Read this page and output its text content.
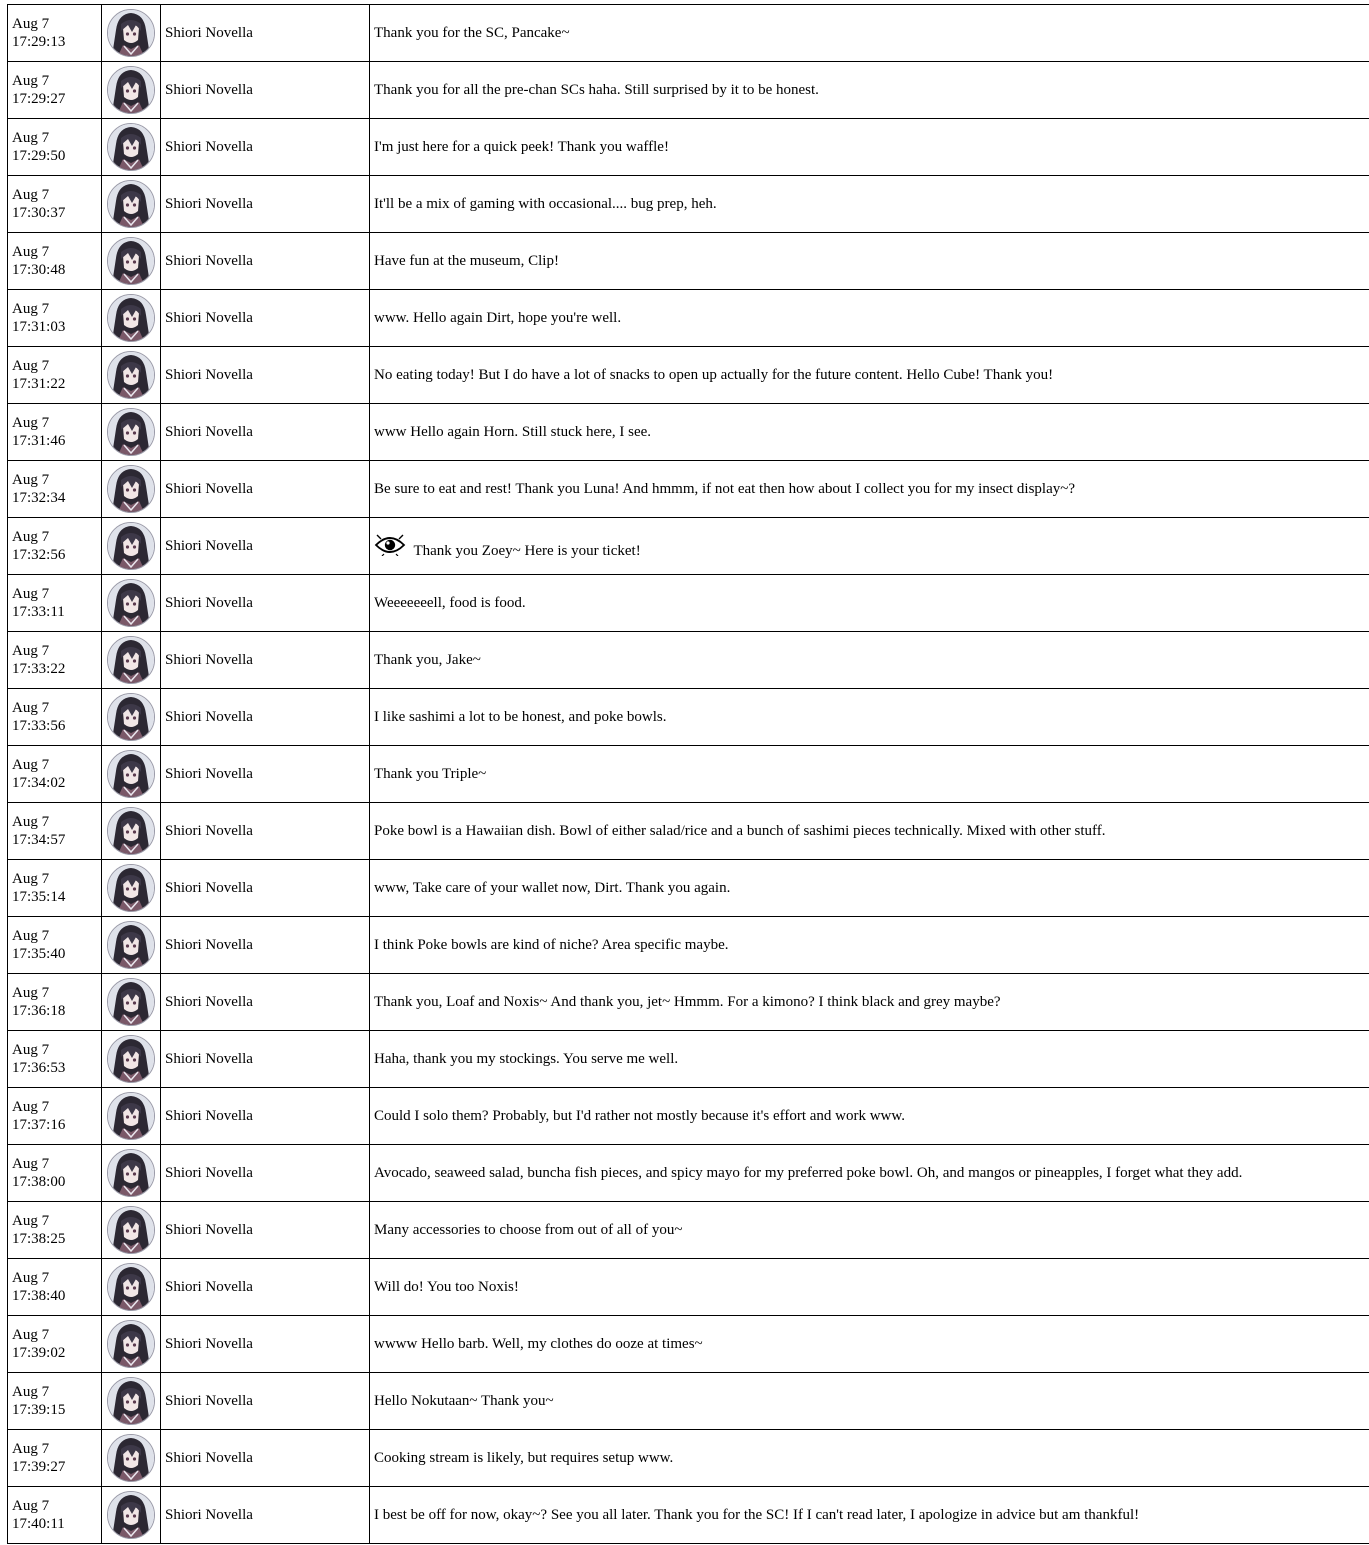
Aug 7
17:29:13		Shiori Novella	Thank you for the SC, Pancake~
Aug 7
17:29:27		Shiori Novella	Thank you for all the pre-chan SCs haha. Still surprised by it to be honest.
Aug 7
17:29:50		Shiori Novella	I'm just here for a quick peek! Thank you waffle!
Aug 7
17:30:37		Shiori Novella	It'll be a mix of gaming with occasional.... bug prep, heh.
Aug 7
17:30:48		Shiori Novella	Have fun at the museum, Clip!
Aug 7
17:31:03		Shiori Novella	www. Hello again Dirt, hope you're well.
Aug 7
17:31:22		Shiori Novella	No eating today! But I do have a lot of snacks to open up actually for the future content. Hello Cube! Thank you!
Aug 7
17:31:46		Shiori Novella	www Hello again Horn. Still stuck here, I see.
Aug 7
17:32:34		Shiori Novella	Be sure to eat and rest! Thank you Luna! And hmmm, if not eat then how about I collect you for my insect display~?
Aug 7
17:32:56		Shiori Novella	Thank you Zoey~ Here is your ticket!
Aug 7
17:33:11		Shiori Novella	Weeeeeeell, food is food.
Aug 7
17:33:22		Shiori Novella	Thank you, Jake~
Aug 7
17:33:56		Shiori Novella	I like sashimi a lot to be honest, and poke bowls.
Aug 7
17:34:02		Shiori Novella	Thank you Triple~
Aug 7
17:34:57		Shiori Novella	Poke bowl is a Hawaiian dish. Bowl of either salad/rice and a bunch of sashimi pieces technically. Mixed with other stuff.
Aug 7
17:35:14		Shiori Novella	www, Take care of your wallet now, Dirt. Thank you again.
Aug 7
17:35:40		Shiori Novella	I think Poke bowls are kind of niche? Area specific maybe.
Aug 7
17:36:18		Shiori Novella	Thank you, Loaf and Noxis~ And thank you, jet~ Hmmm. For a kimono? I think black and grey maybe?
Aug 7
17:36:53		Shiori Novella	Haha, thank you my stockings. You serve me well.
Aug 7
17:37:16		Shiori Novella	Could I solo them? Probably, but I'd rather not mostly because it's effort and work www.
Aug 7
17:38:00		Shiori Novella	Avocado, seaweed salad, buncha fish pieces, and spicy mayo for my preferred poke bowl. Oh, and mangos or pineapples, I forget what they add.
Aug 7
17:38:25		Shiori Novella	Many accessories to choose from out of all of you~
Aug 7
17:38:40		Shiori Novella	Will do! You too Noxis!
Aug 7
17:39:02		Shiori Novella	wwww Hello barb. Well, my clothes do ooze at times~
Aug 7
17:39:15		Shiori Novella	Hello Nokutaan~ Thank you~
Aug 7
17:39:27		Shiori Novella	Cooking stream is likely, but requires setup www.
Aug 7
17:40:11		Shiori Novella	I best be off for now, okay~? See you all later. Thank you for the SC! If I can't read later, I apologize in advice but am thankful!
